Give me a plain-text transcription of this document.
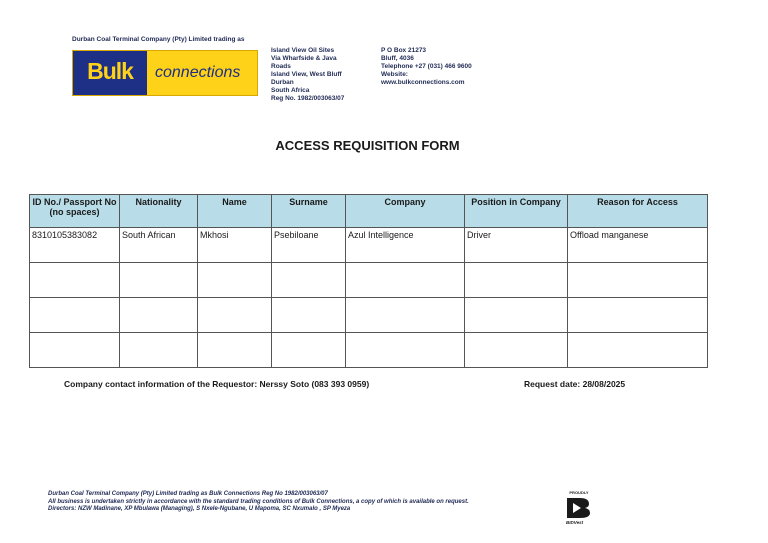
Durban Coal Terminal Company (Pty) Limited trading as
Bulk	connections
Island View Oil Sites
Via Wharfside & Java
Roads
Island View, West Bluff
Durban
South Africa
Reg No. 1982/003063/07
P O Box 21273
Bluff, 4036
Telephone +27 (031) 466 9600
Website:
www.bulkconnections.com
ACCESS REQUISITION FORM
ID No./ Passport No (no spaces)	Nationality	Name	Surname	Company	Position in Company	Reason for Access
8310105383082	South African	Mkhosi	Psebiloane	Azul Intelligence	Driver	Offload manganese

Company contact information of the Requestor: Nerssy Soto (083 393 0959)	Request date: 28/08/2025
Durban Coal Terminal Company (Pty) Limited trading as Bulk Connections Reg No 1982/003063/07
All business is undertaken strictly in accordance with the standard trading conditions of Bulk Connections, a copy of which is available on request.
Directors: NZW Madinane, XP Mbulawa (Managing), S Nxele-Ngubane, U Mapoma, SC Nxumalo , SP Myeza
PROUDLY
BIDVest
